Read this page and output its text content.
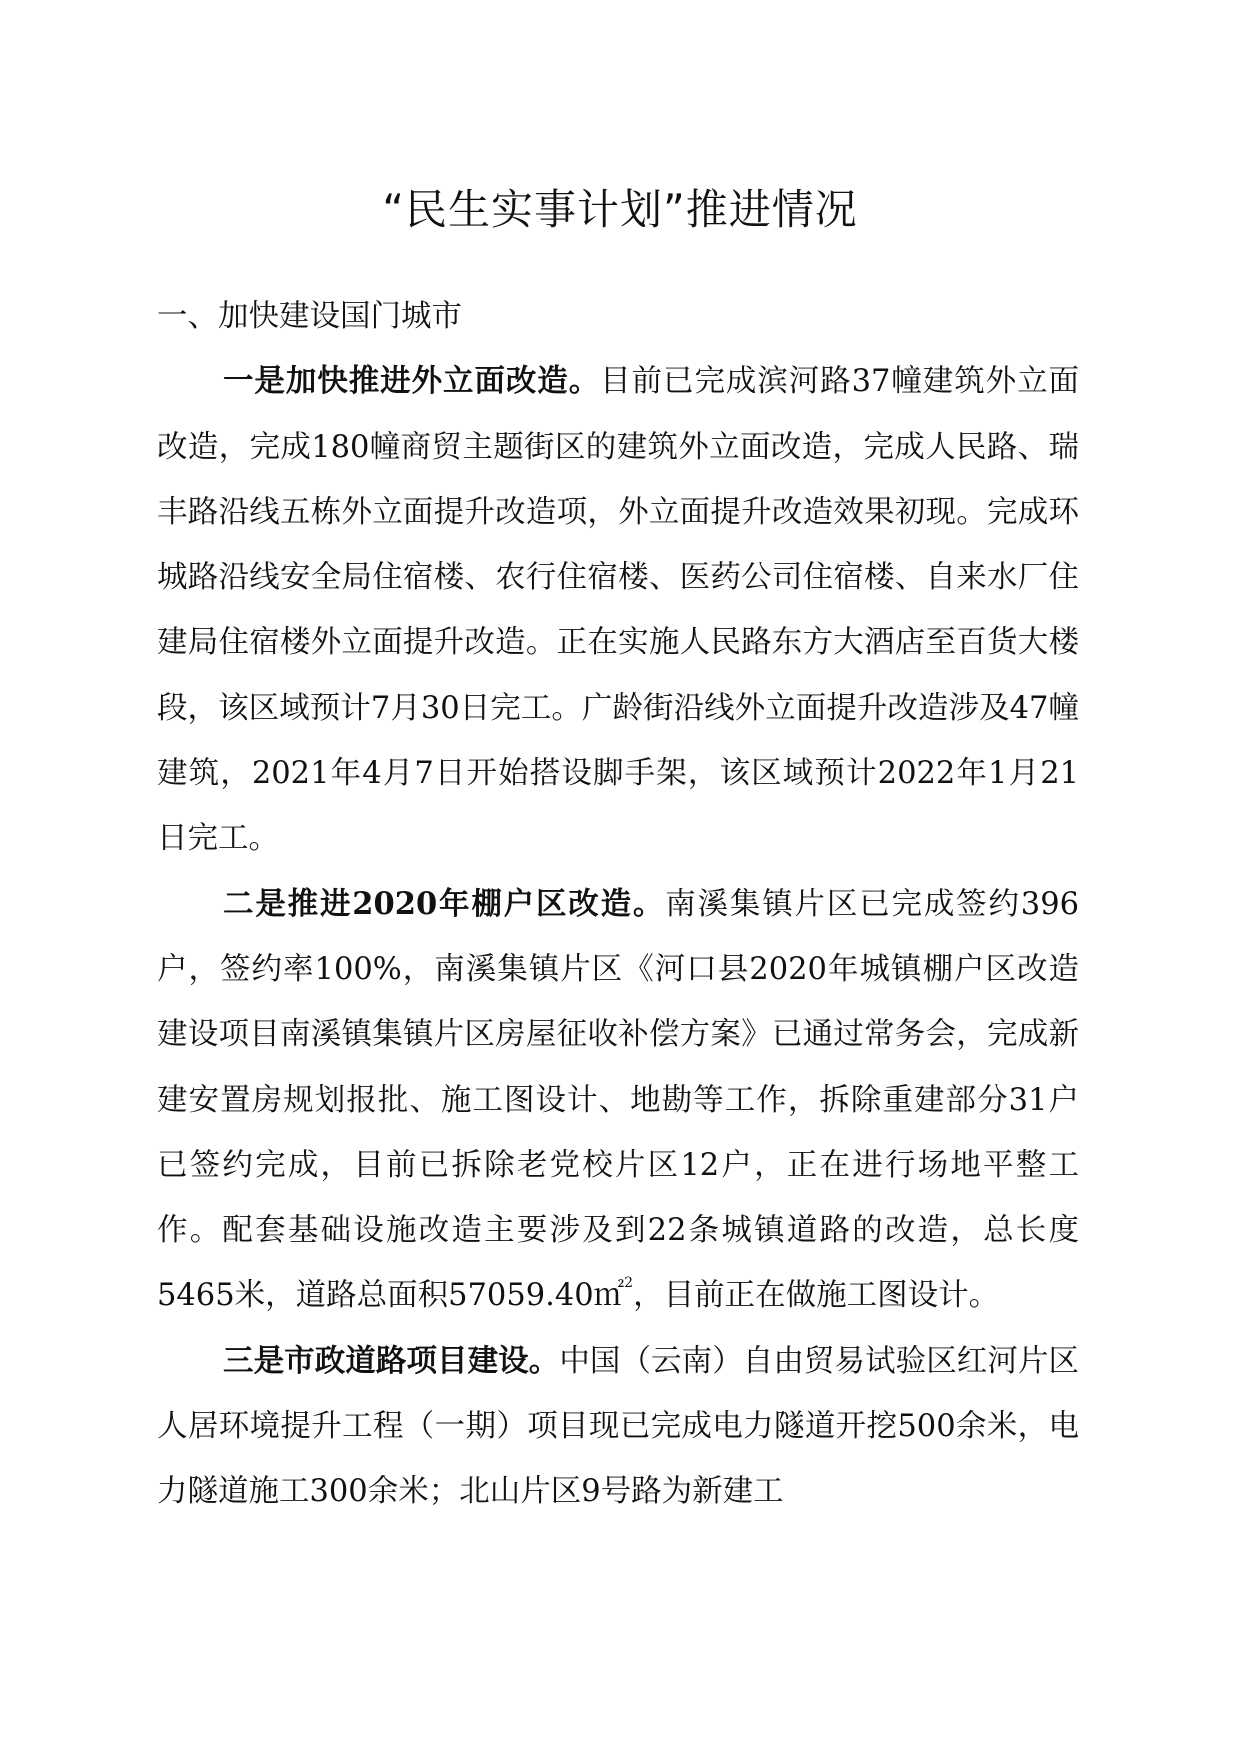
“民生实事计划”推进情况

一、加快建设国门城市

一是加快推进外立面改造。目前已完成滨河路37幢建筑外立面改造，完成180幢商贸主题街区的建筑外立面改造，完成人民路、瑞丰路沿线五栋外立面提升改造项，外立面提升改造效果初现。完成环城路沿线安全局住宿楼、农行住宿楼、医药公司住宿楼、自来水厂住建局住宿楼外立面提升改造。正在实施人民路东方大酒店至百货大楼段，该区域预计7月30日完工。广龄街沿线外立面提升改造涉及47幢建筑，2021年4月7日开始搭设脚手架，该区域预计2022年1月21日完工。

二是推进2020年棚户区改造。南溪集镇片区已完成签约396户，签约率100%，南溪集镇片区《河口县2020年城镇棚户区改造建设项目南溪镇集镇片区房屋征收补偿方案》已通过常务会，完成新建安置房规划报批、施工图设计、地勘等工作，拆除重建部分31户已签约完成，目前已拆除老党校片区12户，正在进行场地平整工作。配套基础设施改造主要涉及到22条城镇道路的改造，总长度5465米，道路总面积57059.40㎡$^2$，目前正在做施工图设计。

三是市政道路项目建设。中国（云南）自由贸易试验区红河片区人居环境提升工程（一期）项目现已完成电力隧道开挖500余米，电力隧道施工300余米；北山片区9号路为新建工
